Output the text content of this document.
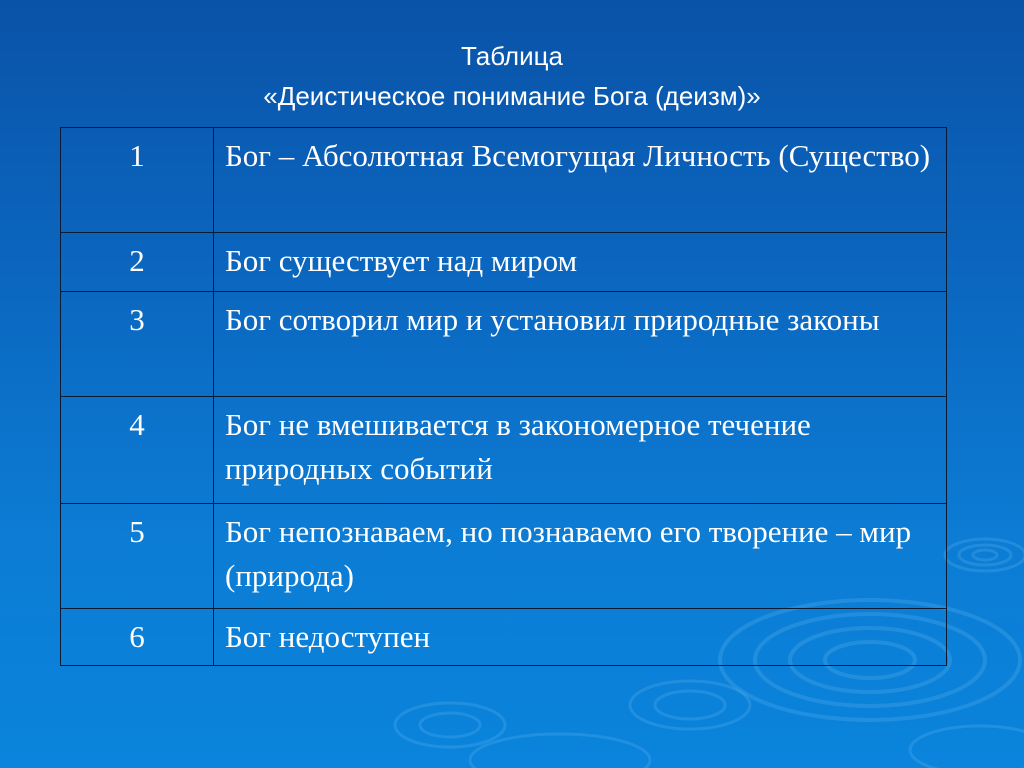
Таблица
«Деистическое понимание Бога (деизм)»
1	Бог – Абсолютная Всемогущая Личность (Существо)
2	Бог существует над миром
3	Бог сотворил мир и установил природные законы
4	Бог не вмешивается в закономерное течение природных событий
5	Бог непознаваем, но познаваемо его творение – мир (природа)
6	Бог недоступен
